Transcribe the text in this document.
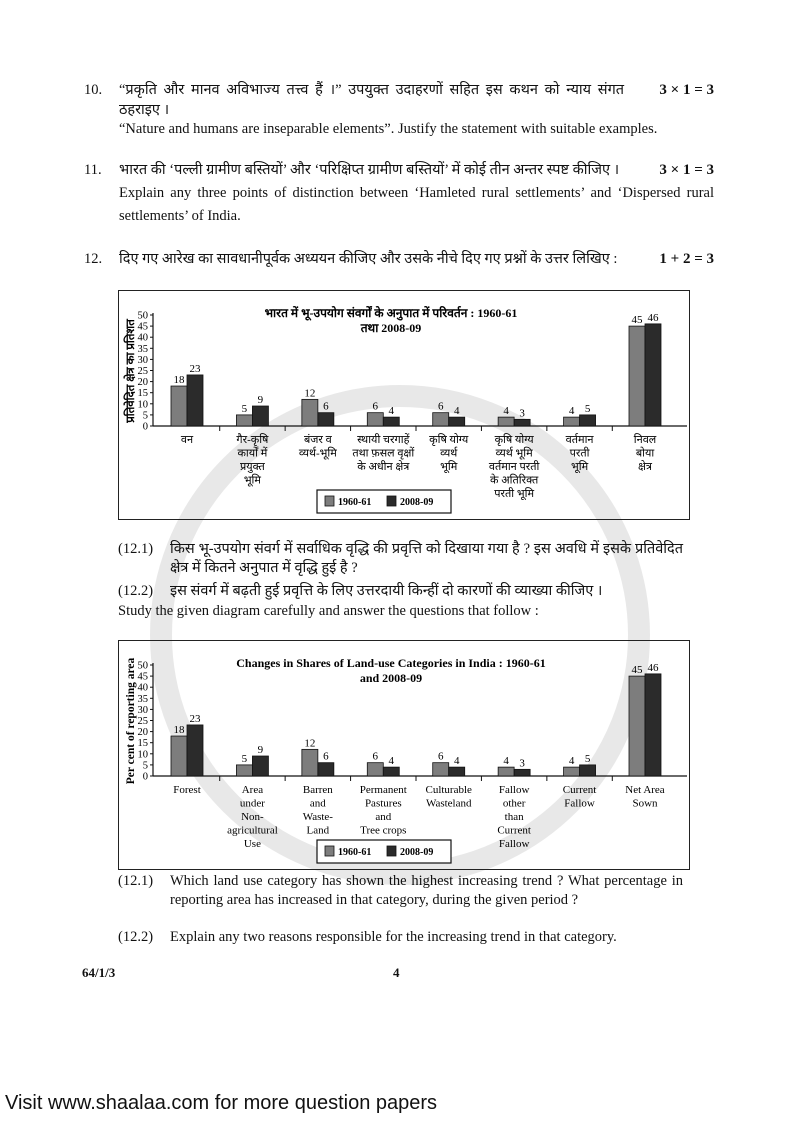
10.	3 × 1 = 3
“प्रकृति और मानव अविभाज्य तत्त्व हैं ।” उपयुक्त उदाहरणों सहित इस कथन को न्याय संगत ठहराइए ।
“Nature and humans are inseparable elements”. Justify the statement with suitable examples.
11.	3 × 1 = 3
भारत की ‘पल्ली ग्रामीण बस्तियों’ और ‘परिक्षिप्त ग्रामीण बस्तियों’ में कोई तीन अन्तर स्पष्ट कीजिए ।
Explain any three points of distinction between ‘Hamleted rural settlements’ and ‘Dispersed rural settlements’ of India.
12.	1 + 2 = 3
दिए गए आरेख का सावधानीपूर्वक अध्ययन कीजिए और उसके नीचे दिए गए प्रश्नों के उत्तर लिखिए :
भारत में भू-उपयोग संवर्गों के अनुपात में परिवर्तन : 1960-61
तथा 2008-09
प्रतिवेदित क्षेत्र का प्रतिशत
0
5
10
15
20
25
30
35
40
45
50
18
23
वन
5
9
गैर-कृषि
कार्यों में
प्रयुक्त
भूमि
12
6
बंजर व
व्यर्थ-भूमि
6 4
स्थायी चरगाहें
तथा फ़सल वृक्षों
के अधीन क्षेत्र
6 4
कृषि योग्य
व्यर्थ
भूमि
4 3
कृषि योग्य
व्यर्थ भूमि
वर्तमान परती
के अतिरिक्त
परती भूमि
4 5
वर्तमान
परती
भूमि
45 46
निवल
बोया
क्षेत्र
1960-61	2008-09
(12.1) किस भू-उपयोग संवर्ग में सर्वाधिक वृद्धि की प्रवृत्ति को दिखाया गया है ? इस अवधि में इसके प्रतिवेदित क्षेत्र में कितने अनुपात में वृद्धि हुई है ?
(12.2) इस संवर्ग में बढ़ती हुई प्रवृत्ति के लिए उत्तरदायी किन्हीं दो कारणों की व्याख्या कीजिए ।
Study the given diagram carefully and answer the questions that follow :
Changes in Shares of Land-use Categories in India : 1960-61
and 2008-09
Per cent of reporting area 0
5
10
15
20
25
30
35
40
45
50
18
23
Forest
5
9
Area
under
Non-
agricultural
Use
12
6
Barren
and
Waste-
Land
6 4
Permanent
Pastures
and
Tree crops
6 4
Culturable
Wasteland
4 3
Fallow
other
than
Current
Fallow
4 5
Current
Fallow
45 46
Net Area
Sown
1960-61	2008-09
(12.1) Which land use category has shown the highest increasing trend ? What percentage in reporting area has increased in that category, during the given period ?
(12.2) Explain any two reasons responsible for the increasing trend in that category.
64/1/3	4
Visit www.shaalaa.com for more question papers
